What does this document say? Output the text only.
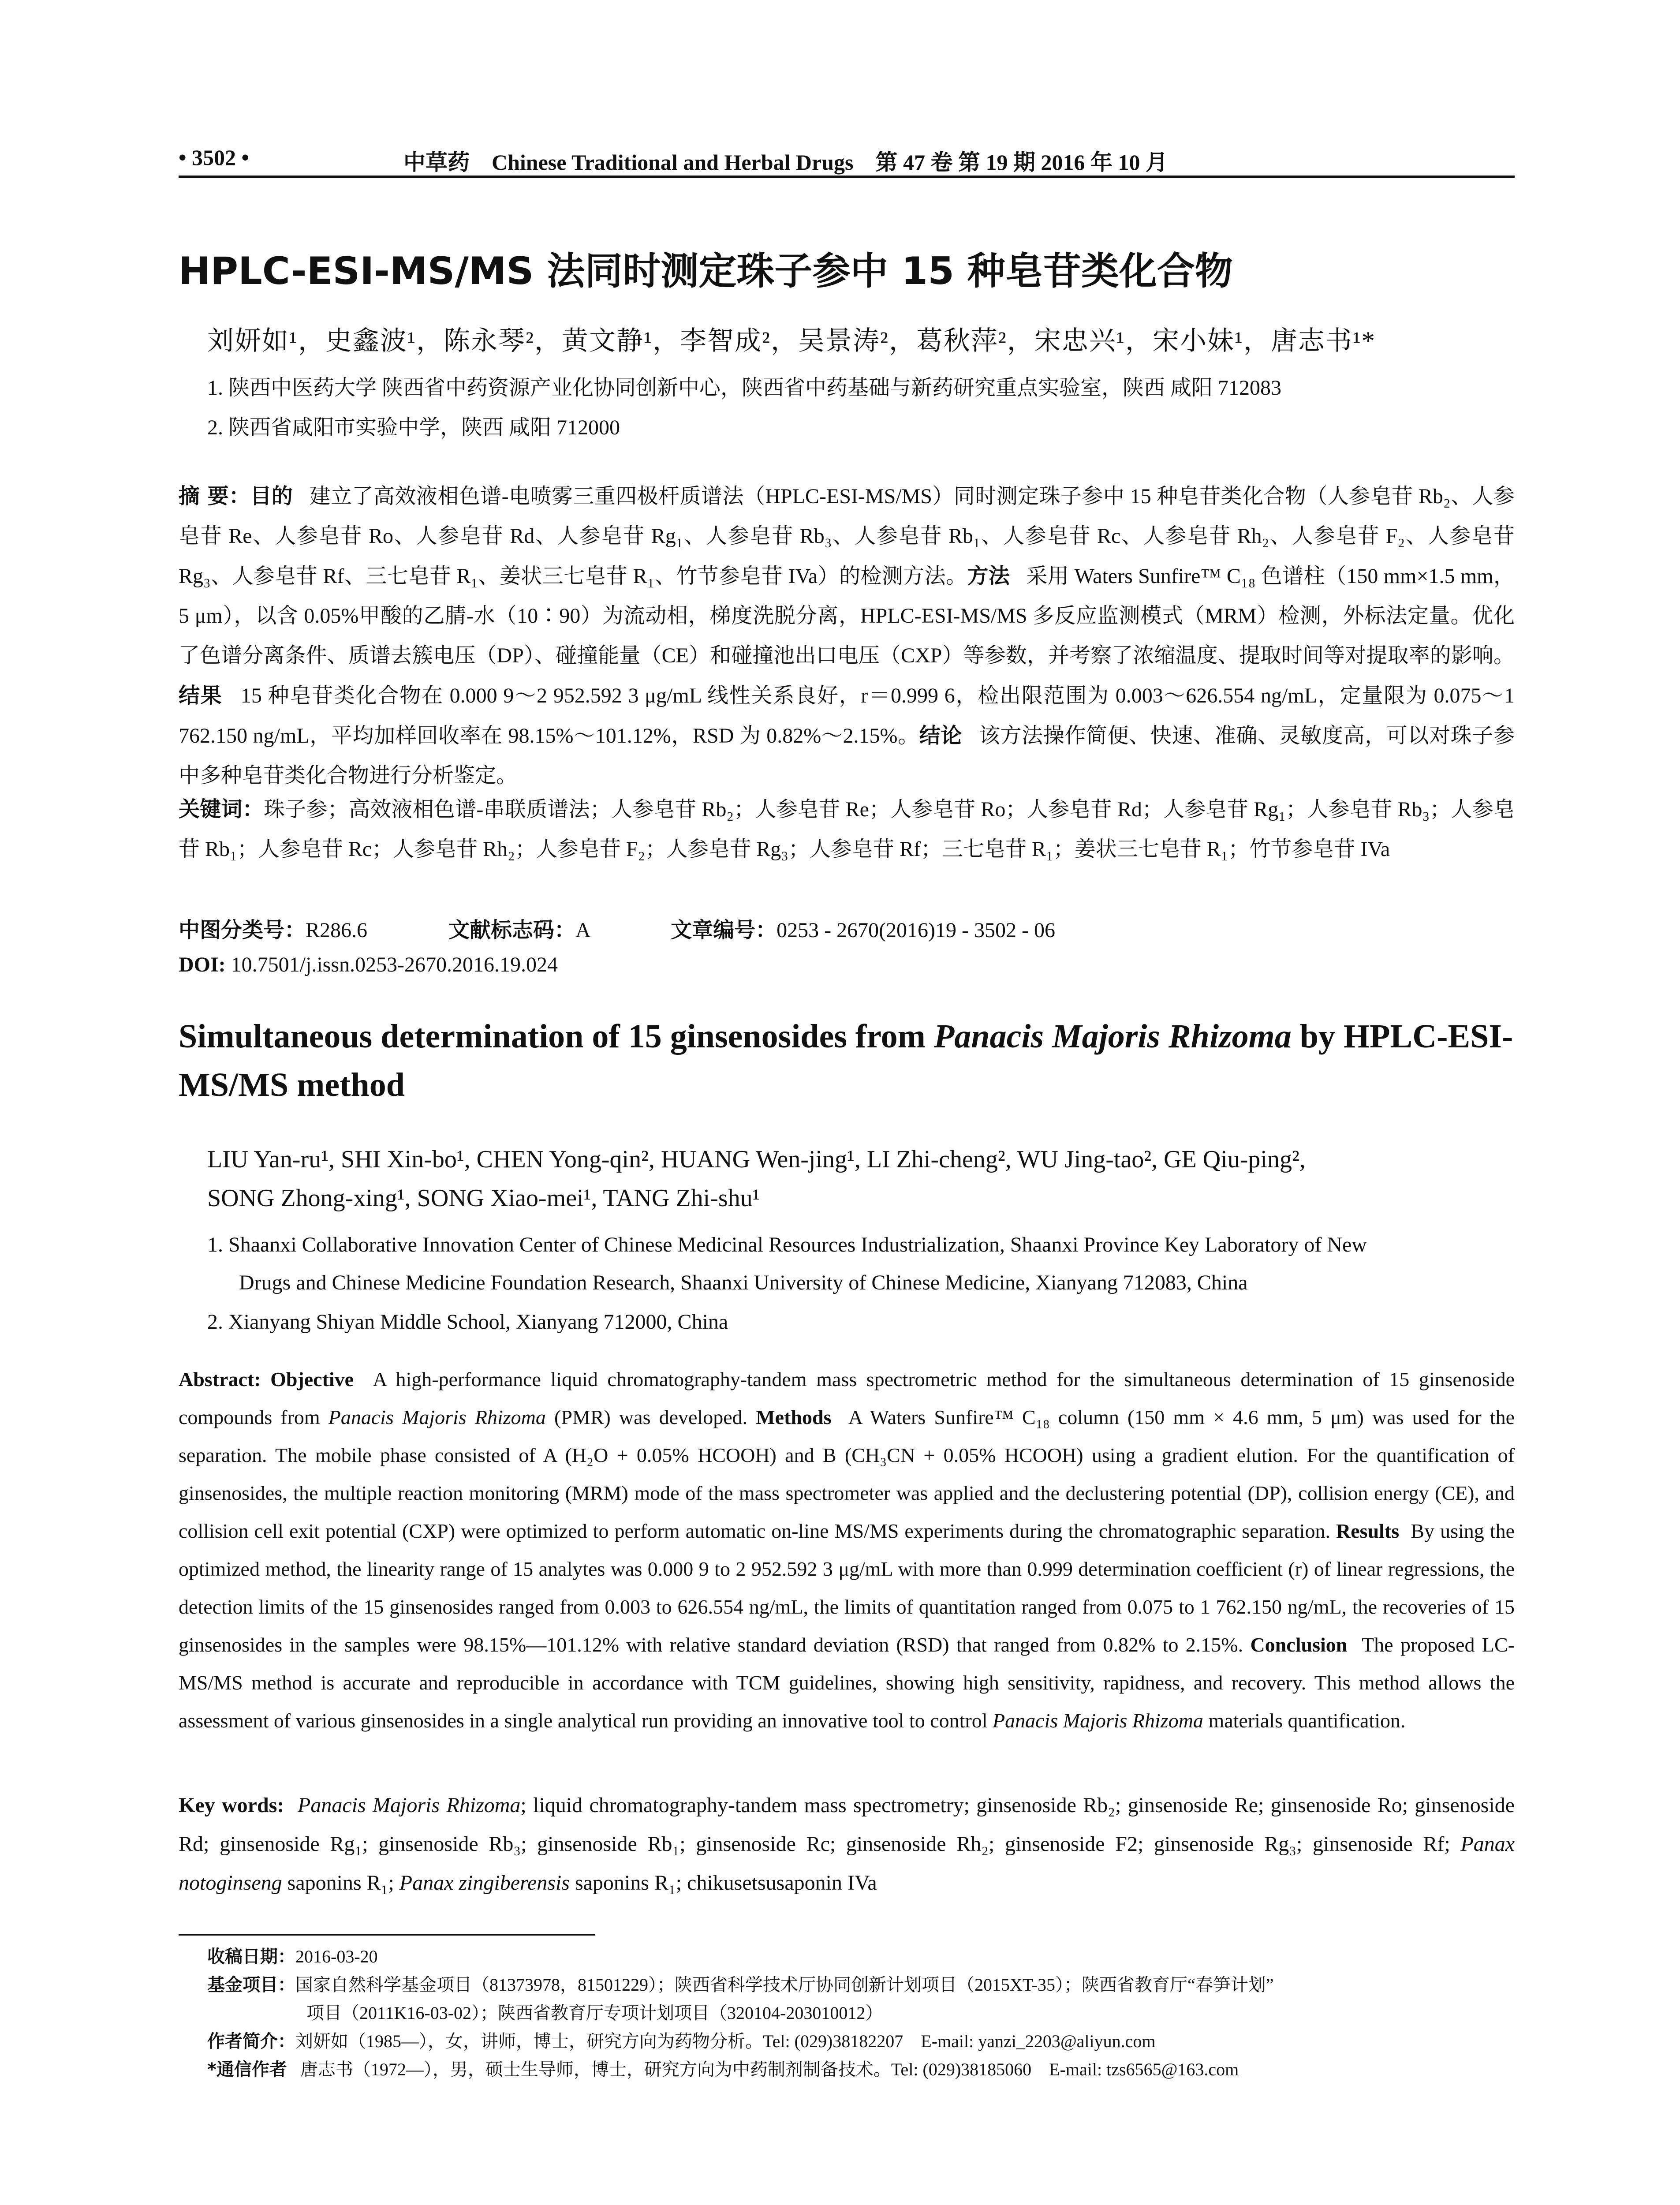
• 3502 •	中草药 Chinese Traditional and Herbal Drugs 第 47 卷 第 19 期 2016 年 10 月
HPLC-ESI-MS/MS 法同时测定珠子参中 15 种皂苷类化合物
刘妍如¹，史鑫波¹，陈永琴²，黄文静¹，李智成²，吴景涛²，葛秋萍²，宋忠兴¹，宋小妹¹，唐志书¹*
1. 陕西中医药大学 陕西省中药资源产业化协同创新中心，陕西省中药基础与新药研究重点实验室，陕西 咸阳 712083
2. 陕西省咸阳市实验中学，陕西 咸阳 712000
摘 要：目的 建立了高效液相色谱-电喷雾三重四极杆质谱法（HPLC-ESI-MS/MS）同时测定珠子参中 15 种皂苷类化合物（人参皂苷 Rb₂、人参皂苷 Re、人参皂苷 Ro、人参皂苷 Rd、人参皂苷 Rg₁、人参皂苷 Rb₃、人参皂苷 Rb₁、人参皂苷 Rc、人参皂苷 Rh₂、人参皂苷 F₂、人参皂苷 Rg₃、人参皂苷 Rf、三七皂苷 R₁、姜状三七皂苷 R₁、竹节参皂苷 IVa）的检测方法。方法 采用 Waters Sunfire™ C₁₈ 色谱柱（150 mm×1.5 mm，5 μm），以含 0.05%甲酸的乙腈-水（10∶90）为流动相，梯度洗脱分离，HPLC-ESI-MS/MS 多反应监测模式（MRM）检测，外标法定量。优化了色谱分离条件、质谱去簇电压（DP）、碰撞能量（CE）和碰撞池出口电压（CXP）等参数，并考察了浓缩温度、提取时间等对提取率的影响。结果 15 种皂苷类化合物在 0.000 9～2 952.592 3 μg/mL 线性关系良好，r＝0.999 6，检出限范围为 0.003～626.554 ng/mL，定量限为 0.075～1 762.150 ng/mL，平均加样回收率在 98.15%～101.12%，RSD 为 0.82%～2.15%。结论 该方法操作简便、快速、准确、灵敏度高，可以对珠子参中多种皂苷类化合物进行分析鉴定。
关键词：珠子参；高效液相色谱-串联质谱法；人参皂苷 Rb₂；人参皂苷 Re；人参皂苷 Ro；人参皂苷 Rd；人参皂苷 Rg₁；人参皂苷 Rb₃；人参皂苷 Rb₁；人参皂苷 Rc；人参皂苷 Rh₂；人参皂苷 F₂；人参皂苷 Rg₃；人参皂苷 Rf；三七皂苷 R₁；姜状三七皂苷 R₁；竹节参皂苷 IVa
中图分类号：R286.6	文献标志码：A	文章编号：0253 - 2670(2016)19 - 3502 - 06
DOI: 10.7501/j.issn.0253-2670.2016.19.024
Simultaneous determination of 15 ginsenosides from Panacis Majoris Rhizoma by HPLC-ESI-MS/MS method
LIU Yan-ru¹, SHI Xin-bo¹, CHEN Yong-qin², HUANG Wen-jing¹, LI Zhi-cheng², WU Jing-tao², GE Qiu-ping²,
SONG Zhong-xing¹, SONG Xiao-mei¹, TANG Zhi-shu¹
1. Shaanxi Collaborative Innovation Center of Chinese Medicinal Resources Industrialization, Shaanxi Province Key Laboratory of New
Drugs and Chinese Medicine Foundation Research, Shaanxi University of Chinese Medicine, Xianyang 712083, China
2. Xianyang Shiyan Middle School, Xianyang 712000, China
Abstract: Objective A high-performance liquid chromatography-tandem mass spectrometric method for the simultaneous determination of 15 ginsenoside compounds from Panacis Majoris Rhizoma (PMR) was developed. Methods A Waters Sunfire™ C₁₈ column (150 mm × 4.6 mm, 5 μm) was used for the separation. The mobile phase consisted of A (H₂O + 0.05% HCOOH) and B (CH₃CN + 0.05% HCOOH) using a gradient elution. For the quantification of ginsenosides, the multiple reaction monitoring (MRM) mode of the mass spectrometer was applied and the declustering potential (DP), collision energy (CE), and collision cell exit potential (CXP) were optimized to perform automatic on-line MS/MS experiments during the chromatographic separation. Results By using the optimized method, the linearity range of 15 analytes was 0.000 9 to 2 952.592 3 μg/mL with more than 0.999 determination coefficient (r) of linear regressions, the detection limits of the 15 ginsenosides ranged from 0.003 to 626.554 ng/mL, the limits of quantitation ranged from 0.075 to 1 762.150 ng/mL, the recoveries of 15 ginsenosides in the samples were 98.15%—101.12% with relative standard deviation (RSD) that ranged from 0.82% to 2.15%. Conclusion The proposed LC-MS/MS method is accurate and reproducible in accordance with TCM guidelines, showing high sensitivity, rapidness, and recovery. This method allows the assessment of various ginsenosides in a single analytical run providing an innovative tool to control Panacis Majoris Rhizoma materials quantification.
Key words: Panacis Majoris Rhizoma; liquid chromatography-tandem mass spectrometry; ginsenoside Rb₂; ginsenoside Re; ginsenoside Ro; ginsenoside Rd; ginsenoside Rg₁; ginsenoside Rb₃; ginsenoside Rb₁; ginsenoside Rc; ginsenoside Rh₂; ginsenoside F2; ginsenoside Rg₃; ginsenoside Rf; Panax notoginseng saponins R₁; Panax zingiberensis saponins R₁; chikusetsusaponin IVa
收稿日期：2016-03-20
基金项目：国家自然科学基金项目（81373978，81501229）；陕西省科学技术厅协同创新计划项目（2015XT-35）；陕西省教育厅“春笋计划”
项目（2011K16-03-02）；陕西省教育厅专项计划项目（320104-203010012）
作者简介：刘妍如（1985—），女，讲师，博士，研究方向为药物分析。Tel: (029)38182207　E-mail: yanzi_2203@aliyun.com
*通信作者 唐志书（1972—），男，硕士生导师，博士，研究方向为中药制剂制备技术。Tel: (029)38185060　E-mail: tzs6565@163.com
